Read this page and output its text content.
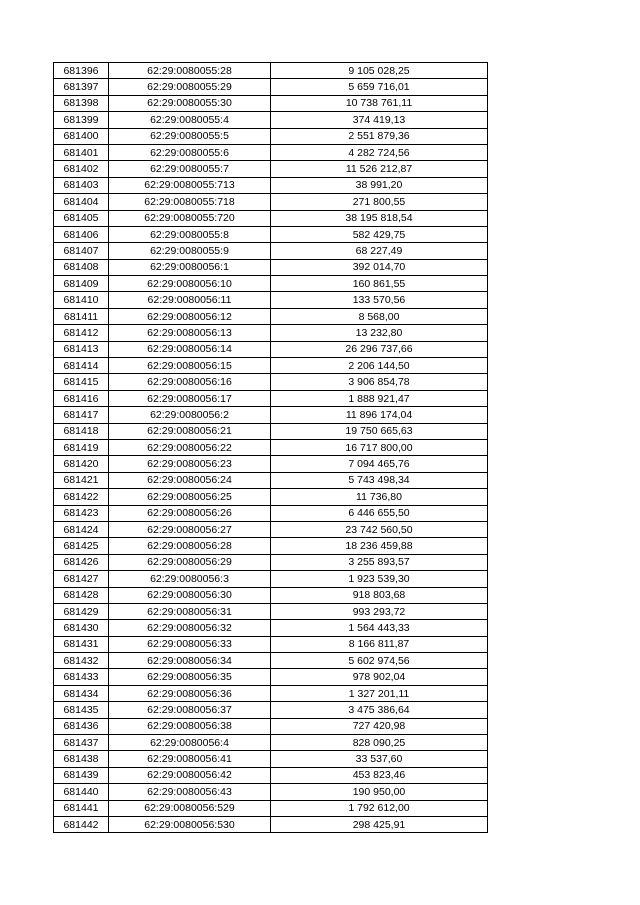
681396	62:29:0080055:28	9 105 028,25
681397	62:29:0080055:29	5 659 716,01
681398	62:29:0080055:30	10 738 761,11
681399	62:29:0080055:4	374 419,13
681400	62:29:0080055:5	2 551 879,36
681401	62:29:0080055:6	4 282 724,56
681402	62:29:0080055:7	11 526 212,87
681403	62:29:0080055:713	38 991,20
681404	62:29:0080055:718	271 800,55
681405	62:29:0080055:720	38 195 818,54
681406	62:29:0080055:8	582 429,75
681407	62:29:0080055:9	68 227,49
681408	62:29:0080056:1	392 014,70
681409	62:29:0080056:10	160 861,55
681410	62:29:0080056:11	133 570,56
681411	62:29:0080056:12	8 568,00
681412	62:29:0080056:13	13 232,80
681413	62:29:0080056:14	26 296 737,66
681414	62:29:0080056:15	2 206 144,50
681415	62:29:0080056:16	3 906 854,78
681416	62:29:0080056:17	1 888 921,47
681417	62:29:0080056:2	11 896 174,04
681418	62:29:0080056:21	19 750 665,63
681419	62:29:0080056:22	16 717 800,00
681420	62:29:0080056:23	7 094 465,76
681421	62:29:0080056:24	5 743 498,34
681422	62:29:0080056:25	11 736,80
681423	62:29:0080056:26	6 446 655,50
681424	62:29:0080056:27	23 742 560,50
681425	62:29:0080056:28	18 236 459,88
681426	62:29:0080056:29	3 255 893,57
681427	62:29:0080056:3	1 923 539,30
681428	62:29:0080056:30	918 803,68
681429	62:29:0080056:31	993 293,72
681430	62:29:0080056:32	1 564 443,33
681431	62:29:0080056:33	8 166 811,87
681432	62:29:0080056:34	5 602 974,56
681433	62:29:0080056:35	978 902,04
681434	62:29:0080056:36	1 327 201,11
681435	62:29:0080056:37	3 475 386,64
681436	62:29:0080056:38	727 420,98
681437	62:29:0080056:4	828 090,25
681438	62:29:0080056:41	33 537,60
681439	62:29:0080056:42	453 823,46
681440	62:29:0080056:43	190 950,00
681441	62:29:0080056:529	1 792 612,00
681442	62:29:0080056:530	298 425,91
